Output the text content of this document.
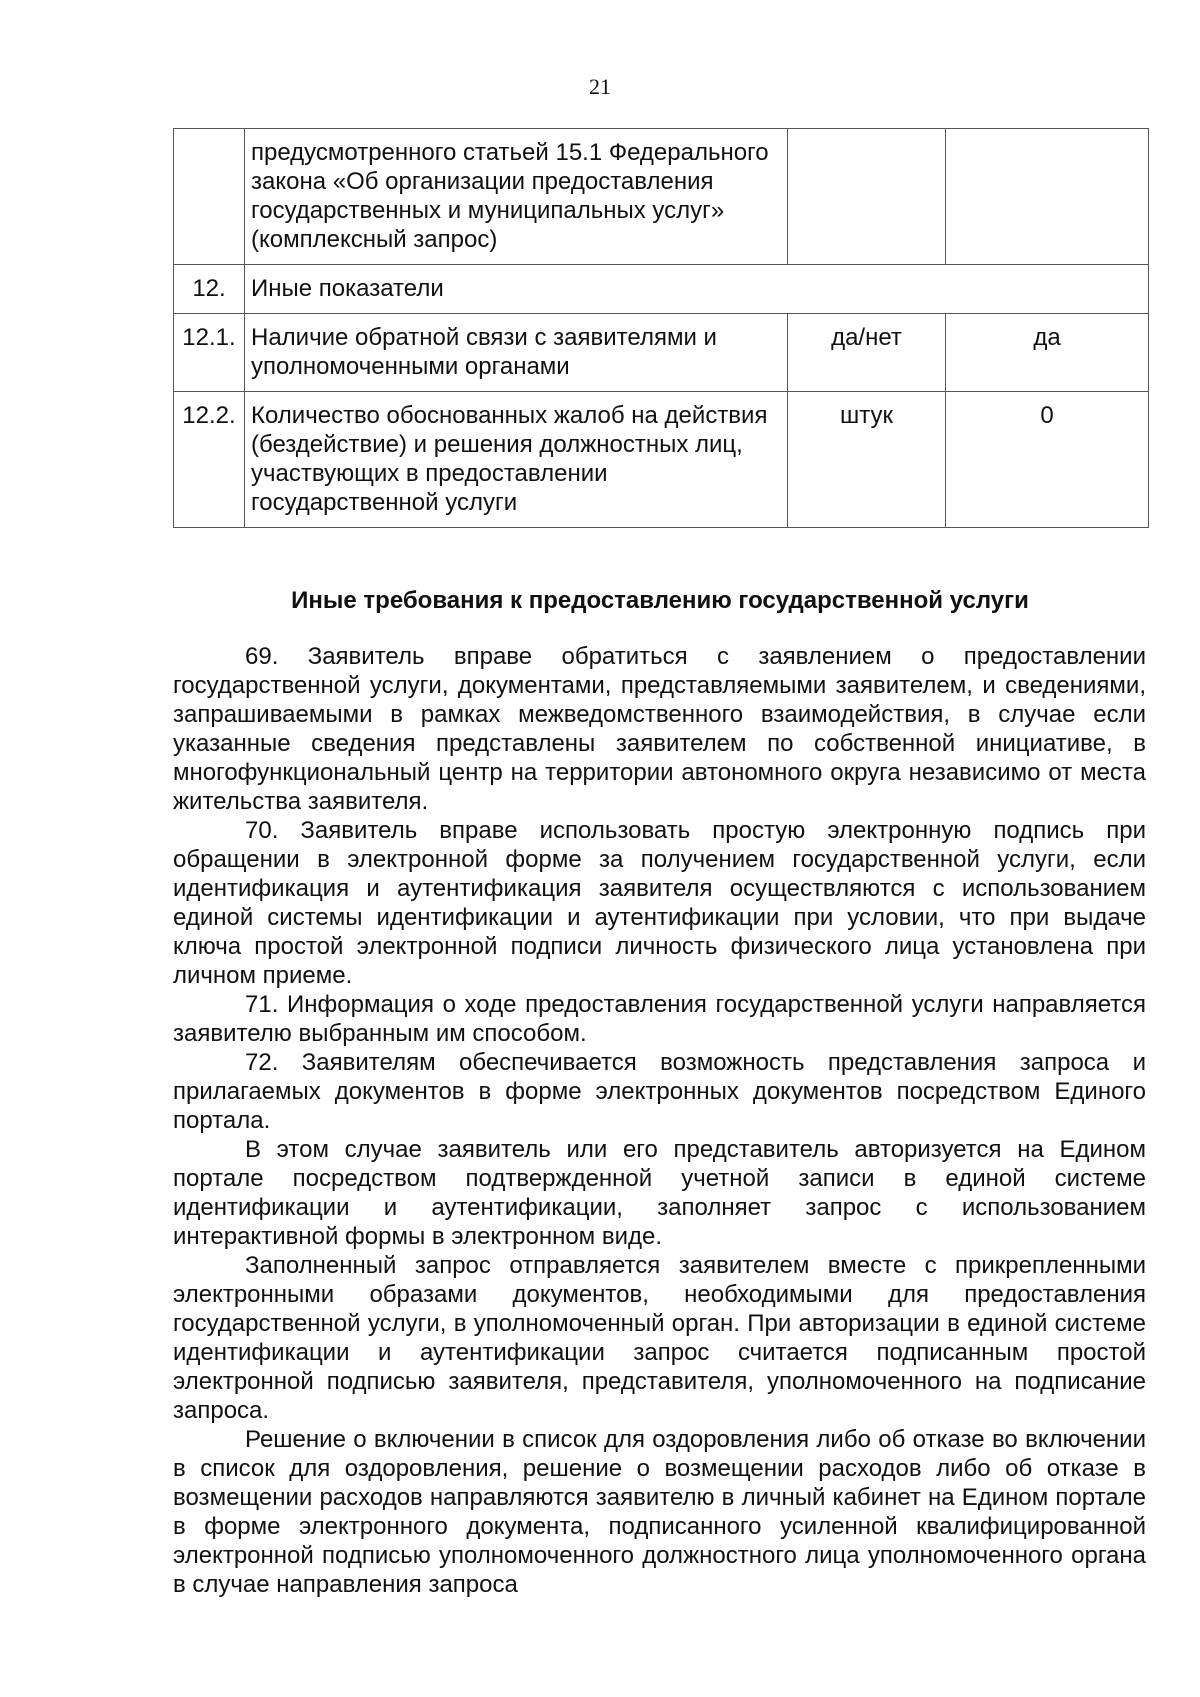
21
	предусмотренного статьей 15.1 Федерального закона «Об организации предоставления государственных и муниципальных услуг» (комплексный запрос)		
12.	Иные показатели		
12.1.	Наличие обратной связи с заявителями и уполномоченными органами	да/нет	да
12.2.	Количество обоснованных жалоб на действия (бездействие) и решения должностных лиц, участвующих в предоставлении государственной услуги	штук	0
Иные требования к предоставлению государственной услуги

69. Заявитель вправе обратиться с заявлением о предоставлении государственной услуги, документами, представляемыми заявителем, и сведениями, запрашиваемыми в рамках межведомственного взаимодействия, в случае если указанные сведения представлены заявителем по собственной инициативе, в многофункциональный центр на территории автономного округа независимо от места жительства заявителя.

70. Заявитель вправе использовать простую электронную подпись при обращении в электронной форме за получением государственной услуги, если идентификация и аутентификация заявителя осуществляются с использованием единой системы идентификации и аутентификации при условии, что при выдаче ключа простой электронной подписи личность физического лица установлена при личном приеме.

71. Информация о ходе предоставления государственной услуги направляется заявителю выбранным им способом.

72. Заявителям обеспечивается возможность представления запроса и прилагаемых документов в форме электронных документов посредством Единого портала.

В этом случае заявитель или его представитель авторизуется на Едином портале посредством подтвержденной учетной записи в единой системе идентификации и аутентификации, заполняет запрос с использованием интерактивной формы в электронном виде.

Заполненный запрос отправляется заявителем вместе с прикрепленными электронными образами документов, необходимыми для предоставления государственной услуги, в уполномоченный орган. При авторизации в единой системе идентификации и аутентификации запрос считается подписанным простой электронной подписью заявителя, представителя, уполномоченного на подписание запроса.

Решение о включении в список для оздоровления либо об отказе во включении в список для оздоровления, решение о возмещении расходов либо об отказе в возмещении расходов направляются заявителю в личный кабинет на Едином портале в форме электронного документа, подписанного усиленной квалифицированной электронной подписью уполномоченного должностного лица уполномоченного органа в случае направления запроса
